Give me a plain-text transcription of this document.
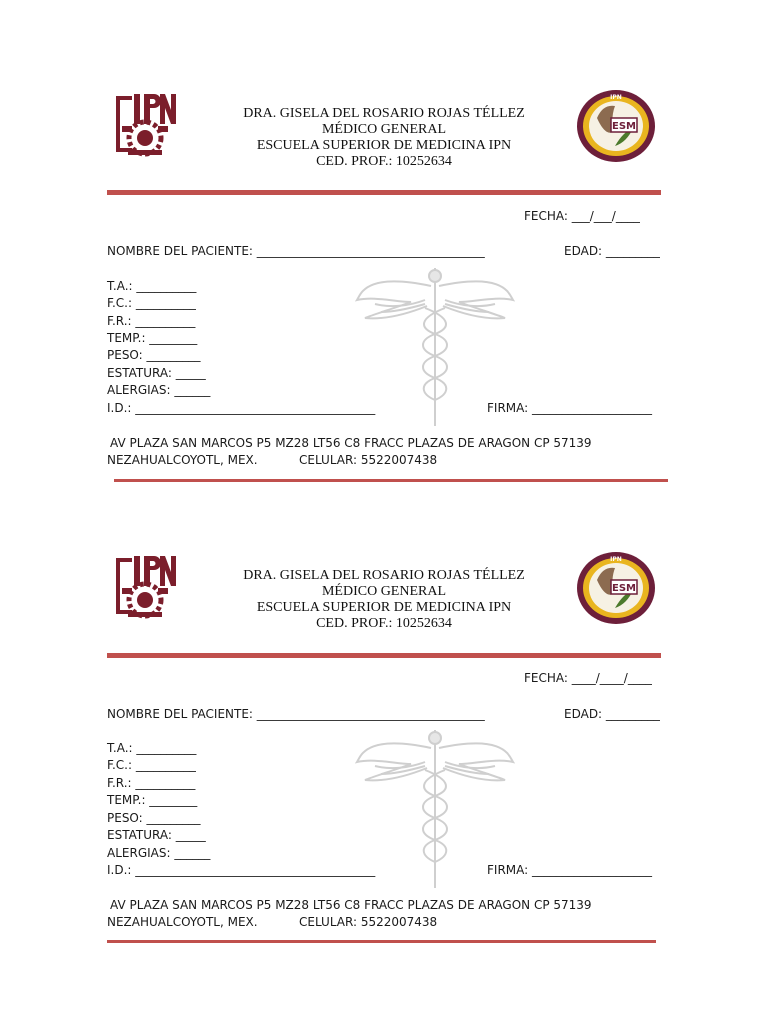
DRA. GISELA DEL ROSARIO ROJAS TÉLLEZ
MÉDICO GENERAL
ESCUELA SUPERIOR DE MEDICINA IPN
CED. PROF.: 10252634
ESM
IPN
FECHA: ___/___/____
NOMBRE DEL PACIENTE: ______________________________________	EDAD: _________
T.A.: __________
F.C.: __________
F.R.: __________
TEMP.: ________
PESO: _________
ESTATURA: _____
ALERGIAS: ______
I.D.: ________________________________________	FIRMA: ____________________
AV PLAZA SAN MARCOS P5 MZ28 LT56 C8 FRACC PLAZAS DE ARAGON CP 57139
NEZAHUALCOYOTL, MEX.	CELULAR: 5522007438
DRA. GISELA DEL ROSARIO ROJAS TÉLLEZ
MÉDICO GENERAL
ESCUELA SUPERIOR DE MEDICINA IPN
CED. PROF.: 10252634
ESM
IPN
FECHA: ____/____/____
NOMBRE DEL PACIENTE: ______________________________________	EDAD: _________
T.A.: __________
F.C.: __________
F.R.: __________
TEMP.: ________
PESO: _________
ESTATURA: _____
ALERGIAS: ______
I.D.: ________________________________________	FIRMA: ____________________
AV PLAZA SAN MARCOS P5 MZ28 LT56 C8 FRACC PLAZAS DE ARAGON CP 57139
NEZAHUALCOYOTL, MEX.	CELULAR: 5522007438
